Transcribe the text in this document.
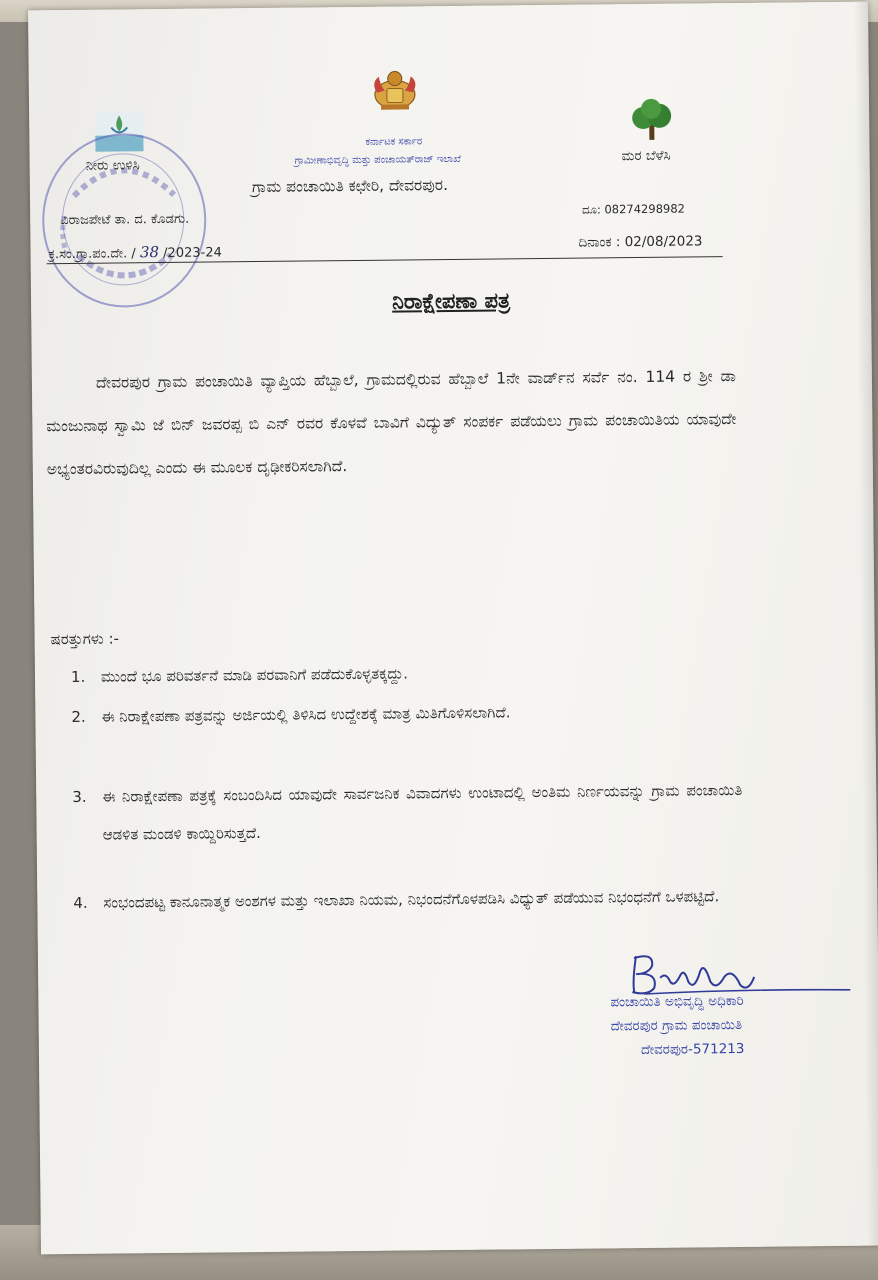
ಕರ್ನಾಟಕ ಸರ್ಕಾರ
ಗ್ರಾಮೀಣಾಭಿವೃದ್ಧಿ ಮತ್ತು ಪಂಚಾಯತ್‌ರಾಜ್ ಇಲಾಖೆ
ಗ್ರಾಮ ಪಂಚಾಯಿತಿ ಕಛೇರಿ, ದೇವರಪುರ.
ನೀರು ಉಳಿಸಿ
ಮರ ಬೆಳೆಸಿ
ವಿರಾಜಪೇಟೆ ತಾ. ದ. ಕೊಡಗು.
ದೂ: 08274298982
ಕ್ರ.ಸಂ.ಗ್ರಾ.ಪಂ.ದೇ. / 38 /2023-24
ದಿನಾಂಕ : 02/08/2023
ನಿರಾಕ್ಷೇಪಣಾ ಪತ್ರ
ದೇವರಪುರ ಗ್ರಾಮ ಪಂಚಾಯಿತಿ ವ್ಯಾಪ್ತಿಯ ಹೆಬ್ಬಾಲೆ, ಗ್ರಾಮದಲ್ಲಿರುವ ಹೆಬ್ಬಾಲೆ 1ನೇ ವಾರ್ಡ್‌ನ ಸರ್ವೆ ನಂ. 114 ರ ಶ್ರೀ ಡಾ ಮಂಜುನಾಥ ಸ್ವಾಮಿ ಜೆ ಬಿನ್ ಜವರಪ್ಪ ಬಿ ಎನ್ ರವರ ಕೊಳವೆ ಬಾವಿಗೆ ವಿದ್ಯುತ್ ಸಂಪರ್ಕ ಪಡೆಯಲು ಗ್ರಾಮ ಪಂಚಾಯಿತಿಯ ಯಾವುದೇ ಅಭ್ಯಂತರವಿರುವುದಿಲ್ಲ ಎಂದು ಈ ಮೂಲಕ ದೃಢೀಕರಿಸಲಾಗಿದೆ.
ಷರತ್ತುಗಳು :-
1. ಮುಂದೆ ಭೂ ಪರಿವರ್ತನೆ ಮಾಡಿ ಪರವಾನಿಗೆ ಪಡೆದುಕೊಳ್ಳತಕ್ಕದ್ದು.
2. ಈ ನಿರಾಕ್ಷೇಪಣಾ ಪತ್ರವನ್ನು ಅರ್ಜಿಯಲ್ಲಿ ತಿಳಿಸಿದ ಉದ್ದೇಶಕ್ಕೆ ಮಾತ್ರ ಮಿತಿಗೊಳಿಸಲಾಗಿದೆ.
3. ಈ ನಿರಾಕ್ಷೇಪಣಾ ಪತ್ರಕ್ಕೆ ಸಂಬಂದಿಸಿದ ಯಾವುದೇ ಸಾರ್ವಜನಿಕ ವಿವಾದಗಳು ಉಂಟಾದಲ್ಲಿ ಅಂತಿಮ ನಿರ್ಣಯವನ್ನು ಗ್ರಾಮ ಪಂಚಾಯಿತಿ ಆಡಳಿತ ಮಂಡಳಿ ಕಾಯ್ದಿರಿಸುತ್ತದೆ.
4. ಸಂಭಂದಪಟ್ಟ ಕಾನೂನಾತ್ಮಕ ಅಂಶಗಳ ಮತ್ತು ಇಲಾಖಾ ನಿಯಮ, ನಿಭಂದನೆಗೊಳಪಡಿಸಿ ವಿಧ್ಯುತ್ ಪಡೆಯುವ ನಿಭಂಧನೆಗೆ ಒಳಪಟ್ಟಿದೆ.
ಪಂಚಾಯಿತಿ ಅಭಿವೃದ್ಧಿ ಅಧಿಕಾರಿ
ದೇವರಪುರ ಗ್ರಾಮ ಪಂಚಾಯಿತಿ
ದೇವರಪುರ-571213
